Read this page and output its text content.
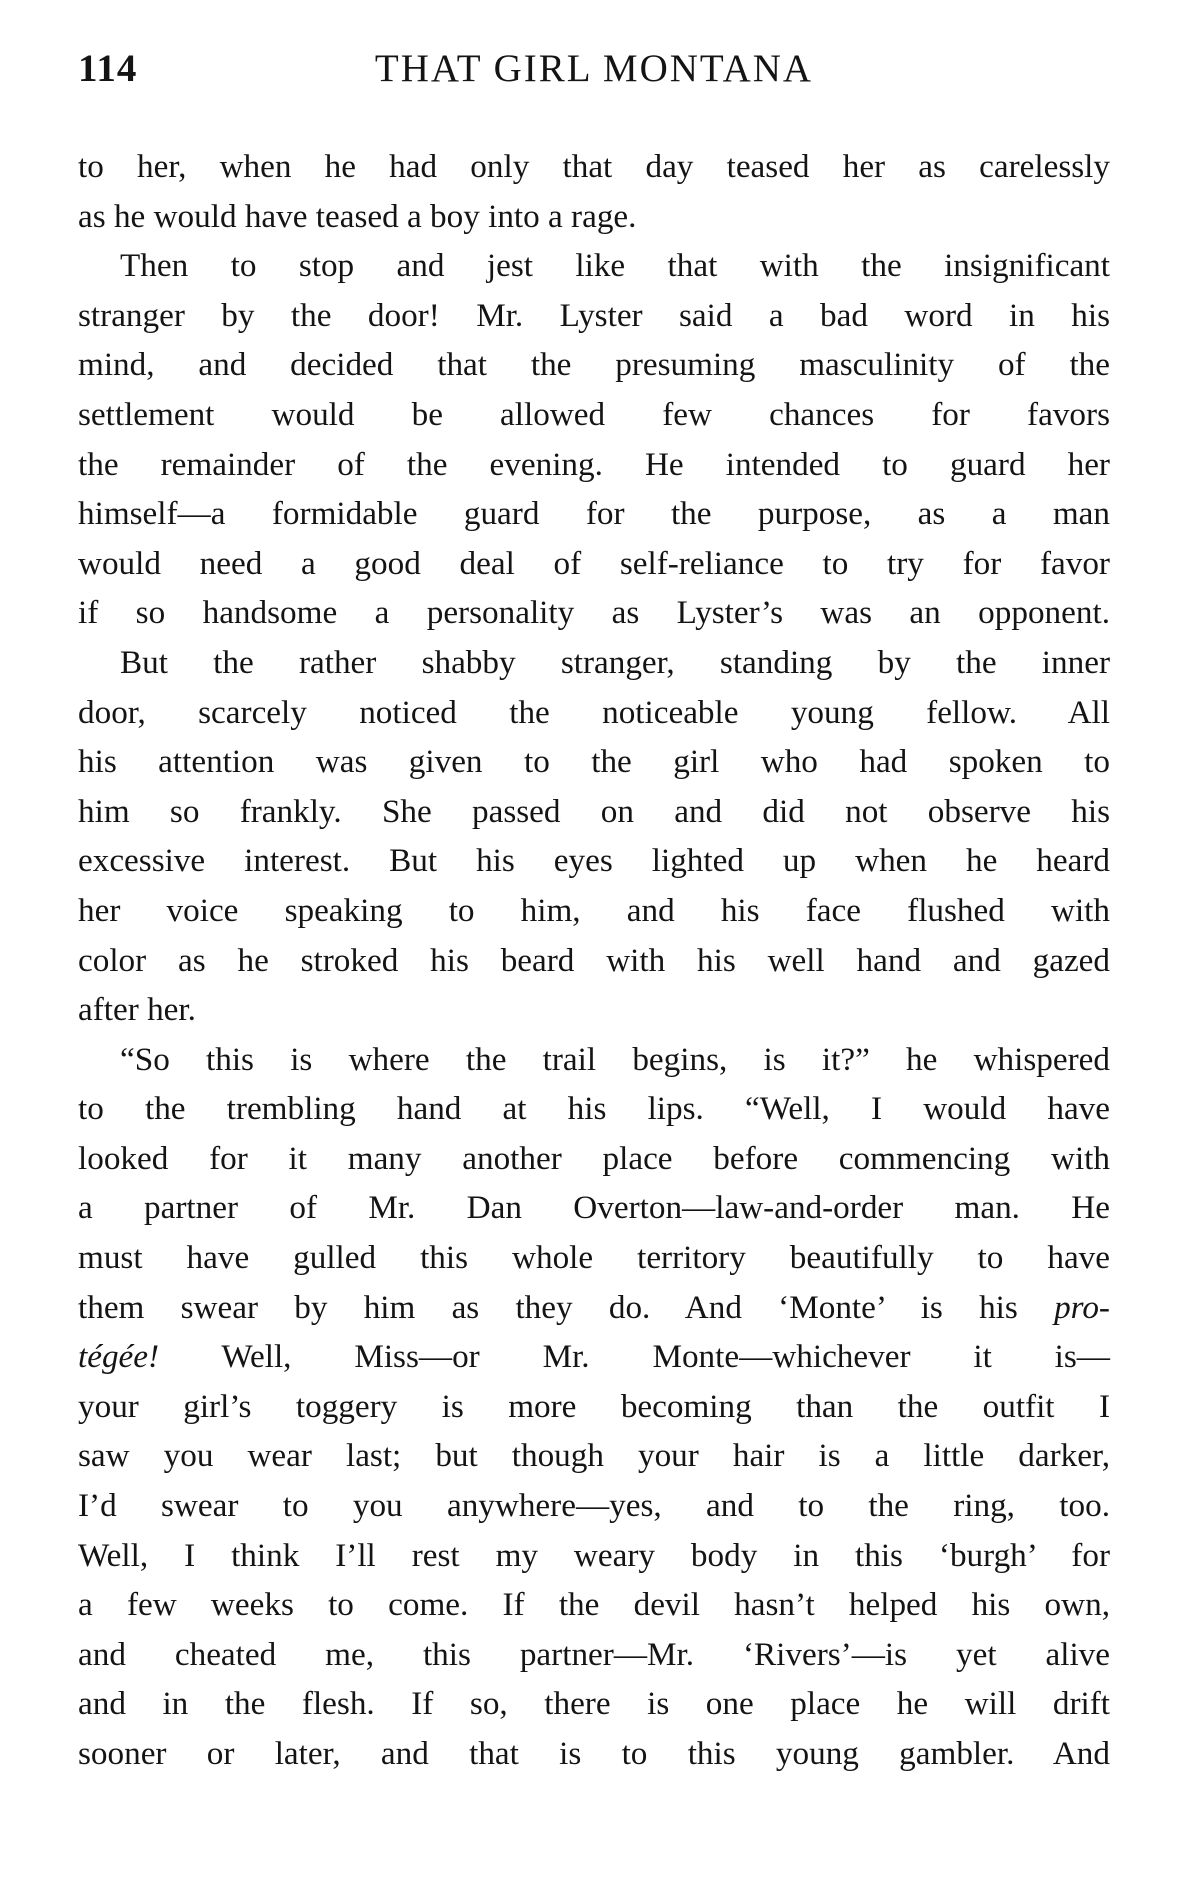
114	THAT GIRL MONTANA

to her, when he had only that day teased her as carelessly
as he would have teased a boy into a rage.

Then to stop and jest like that with the insignificant
stranger by the door! Mr. Lyster said a bad word in his
mind, and decided that the presuming masculinity of the
settlement would be allowed few chances for favors
the remainder of the evening. He intended to guard her
himself—a formidable guard for the purpose, as a man
would need a good deal of self-reliance to try for favor
if so handsome a personality as Lyster’s was an opponent.

But the rather shabby stranger, standing by the inner
door, scarcely noticed the noticeable young fellow. All
his attention was given to the girl who had spoken to
him so frankly. She passed on and did not observe his
excessive interest. But his eyes lighted up when he heard
her voice speaking to him, and his face flushed with
color as he stroked his beard with his well hand and gazed
after her.

“So this is where the trail begins, is it?” he whispered
to the trembling hand at his lips. “Well, I would have
looked for it many another place before commencing with
a partner of Mr. Dan Overton—law-and-order man. He
must have gulled this whole territory beautifully to have
them swear by him as they do. And ‘Monte’ is his pro-
tégée! Well, Miss—or Mr. Monte—whichever it is—
your girl’s toggery is more becoming than the outfit I
saw you wear last; but though your hair is a little darker,
I’d swear to you anywhere—yes, and to the ring, too.
Well, I think I’ll rest my weary body in this ‘burgh’ for
a few weeks to come. If the devil hasn’t helped his own,
and cheated me, this partner—Mr. ‘Rivers’—is yet alive
and in the flesh. If so, there is one place he will drift
sooner or later, and that is to this young gambler. And
